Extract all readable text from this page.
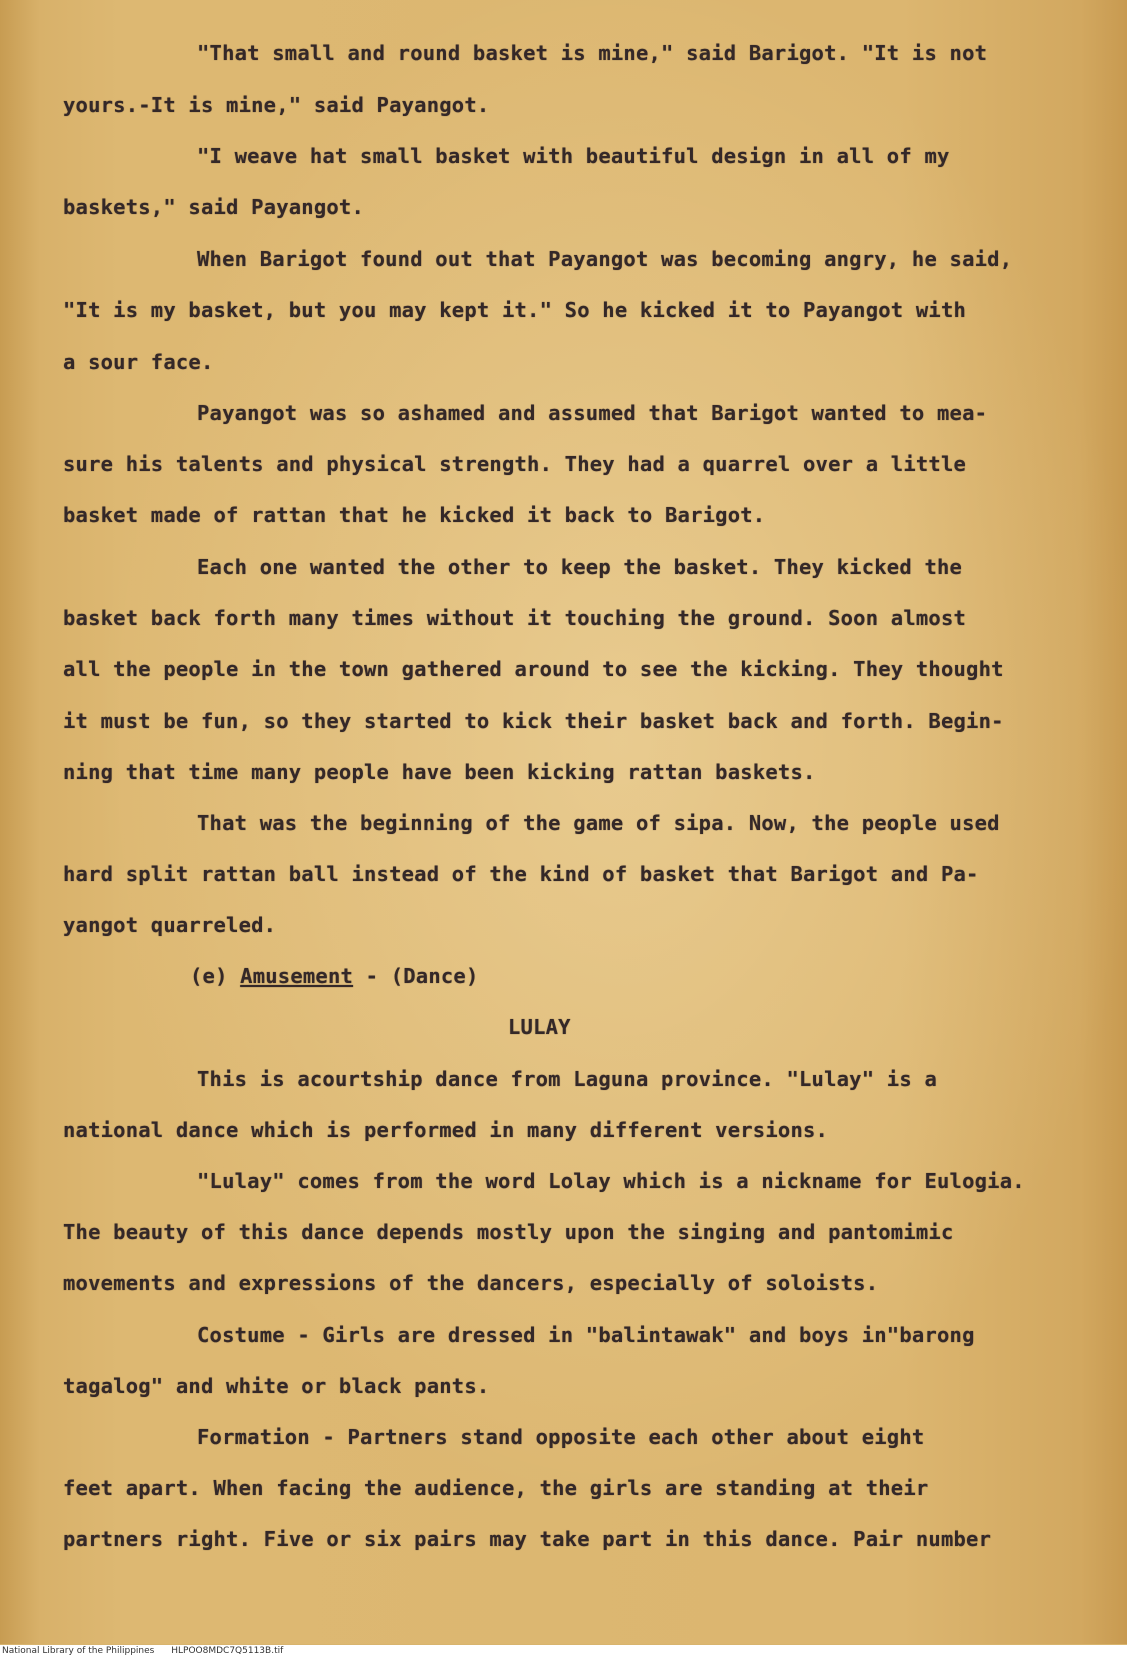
"That small and round basket is mine," said Barigot. "It is not
yours.-It is mine," said Payangot.
"I weave hat small basket with beautiful design in all of my
baskets," said Payangot.
When Barigot found out that Payangot was becoming angry, he said,
"It is my basket, but you may kept it." So he kicked it to Payangot with
a sour face.
Payangot was so ashamed and assumed that Barigot wanted to mea-
sure his talents and physical strength. They had a quarrel over a little
basket made of rattan that he kicked it back to Barigot.
Each one wanted the other to keep the basket. They kicked the
basket back forth many times without it touching the ground. Soon almost
all the people in the town gathered around to see the kicking. They thought
it must be fun, so they started to kick their basket back and forth. Begin-
ning that time many people have been kicking rattan baskets.
That was the beginning of the game of sipa. Now, the people used
hard split rattan ball instead of the kind of basket that Barigot and Pa-
yangot quarreled.
(e) Amusement - (Dance)
LULAY
This is acourtship dance from Laguna province. "Lulay" is a
national dance which is performed in many different versions.
"Lulay" comes from the word Lolay which is a nickname for Eulogia.
The beauty of this dance depends mostly upon the singing and pantomimic
movements and expressions of the dancers, especially of soloists.
Costume - Girls are dressed in "balintawak" and boys in"barong
tagalog" and white or black pants.
Formation - Partners stand opposite each other about eight
feet apart. When facing the audience, the girls are standing at their
partners right. Five or six pairs may take part in this dance. Pair number
National Library of the Philippines HLPOO8MDC7Q5113B.tif
